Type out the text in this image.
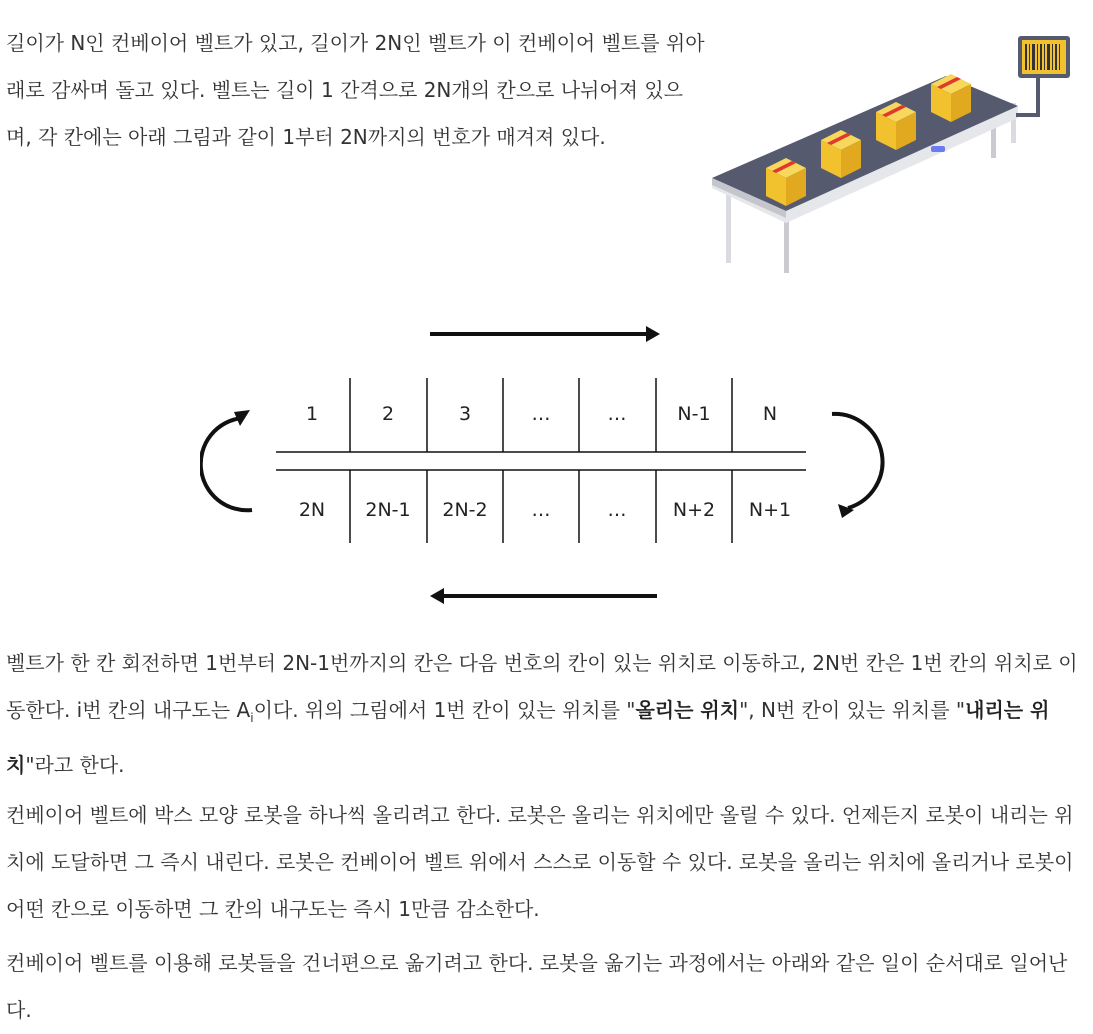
길이가 N인 컨베이어 벨트가 있고, 길이가 2N인 벨트가 이 컨베이어 벨트를 위아래로 감싸며 돌고 있다. 벨트는 길이 1 간격으로 2N개의 칸으로 나뉘어져 있으며, 각 칸에는 아래 그림과 같이 1부터 2N까지의 번호가 매겨져 있다.

1	2	3	…	…	N-1	N
2N 2N-1 2N-2 …	… N+2 N+1

벨트가 한 칸 회전하면 1번부터 2N-1번까지의 칸은 다음 번호의 칸이 있는 위치로 이동하고, 2N번 칸은 1번 칸의 위치로 이동한다. i번 칸의 내구도는 $A_i$이다. 위의 그림에서 1번 칸이 있는 위치를 "올리는 위치", N번 칸이 있는 위치를 "내리는 위치"라고 한다.

컨베이어 벨트에 박스 모양 로봇을 하나씩 올리려고 한다. 로봇은 올리는 위치에만 올릴 수 있다. 언제든지 로봇이 내리는 위치에 도달하면 그 즉시 내린다. 로봇은 컨베이어 벨트 위에서 스스로 이동할 수 있다. 로봇을 올리는 위치에 올리거나 로봇이 어떤 칸으로 이동하면 그 칸의 내구도는 즉시 1만큼 감소한다.

컨베이어 벨트를 이용해 로봇들을 건너편으로 옮기려고 한다. 로봇을 옮기는 과정에서는 아래와 같은 일이 순서대로 일어난다.
